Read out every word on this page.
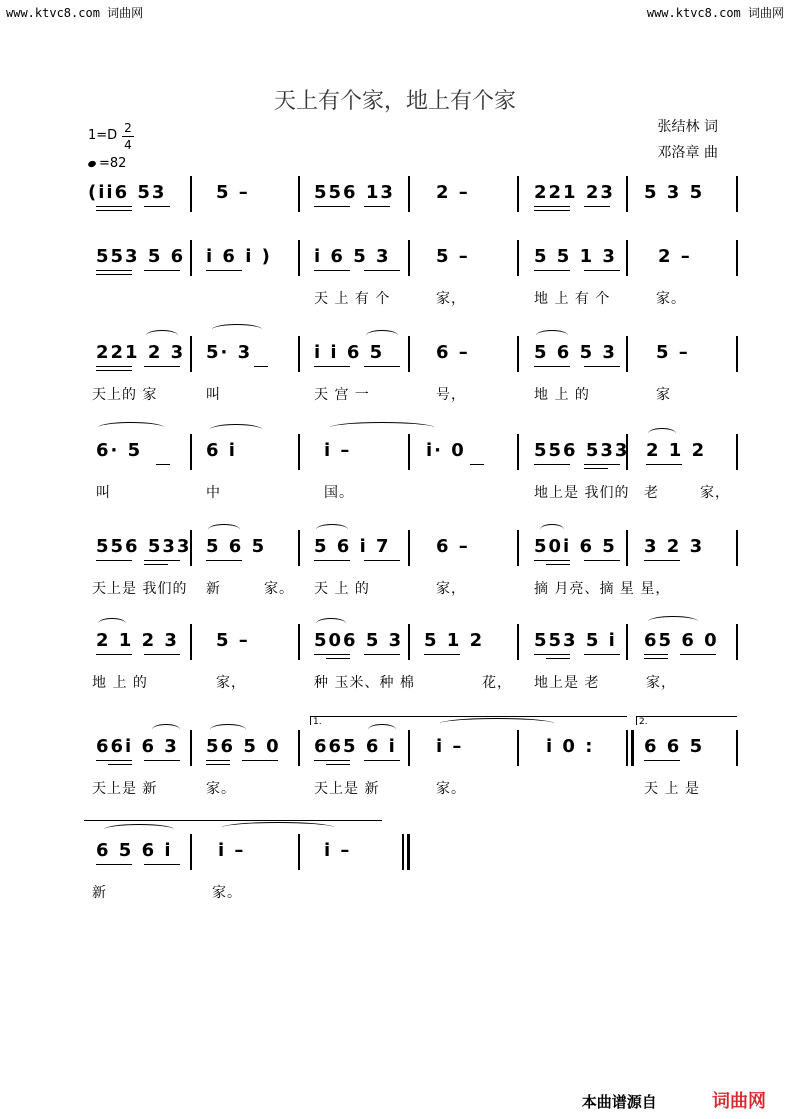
www.ktvc8.com 词曲网	www.ktvc8.com 词曲网
天上有个家，地上有个家
1=D 2
4
=82
张结林 词
邓洛章 曲
(i̇i̇6 53	5 –	556 13 2 –	221 23 5 3 5
553 5 6 i̇ 6 i̇ ) i̇ 6 5 3	5 –	5 5 1 3 2 –
天 上 有 个	家，	地 上 有 个	家。
221 2 3 5· 3	i̇ i̇ 6 5	6 –	5 6 5 3 5 –
天上的 家	叫	天 宫 一	号，	地 上 的	家
6· 5	6 i̇	i̇ –	i̇· 0	556 533 2 1 2
叫	中	国。	地上是 我们的 老	家，
556 533 5 6 5	5 6 i̇ 7	6 –	50i̇ 6 5 3 2 3
天上是 我们的 新	家。 天 上 的	家，	摘 月亮、摘 星 星，
2 1 2 3 5 –	506 5 3 5 1 2	553 5 i̇ 65 6 0
地 上 的	家，	种 玉米、种 棉	花， 地上是 老	家，
1.	2.
66i̇ 6 3 56 5 0 665 6 i̇ i̇ –	i̇ 0 :	6 6 5
天上是 新	家。	天上是 新	家。	天 上 是
6 5 6 i̇	i̇ –	i̇ –
新	家。
本曲谱源自	词曲网
